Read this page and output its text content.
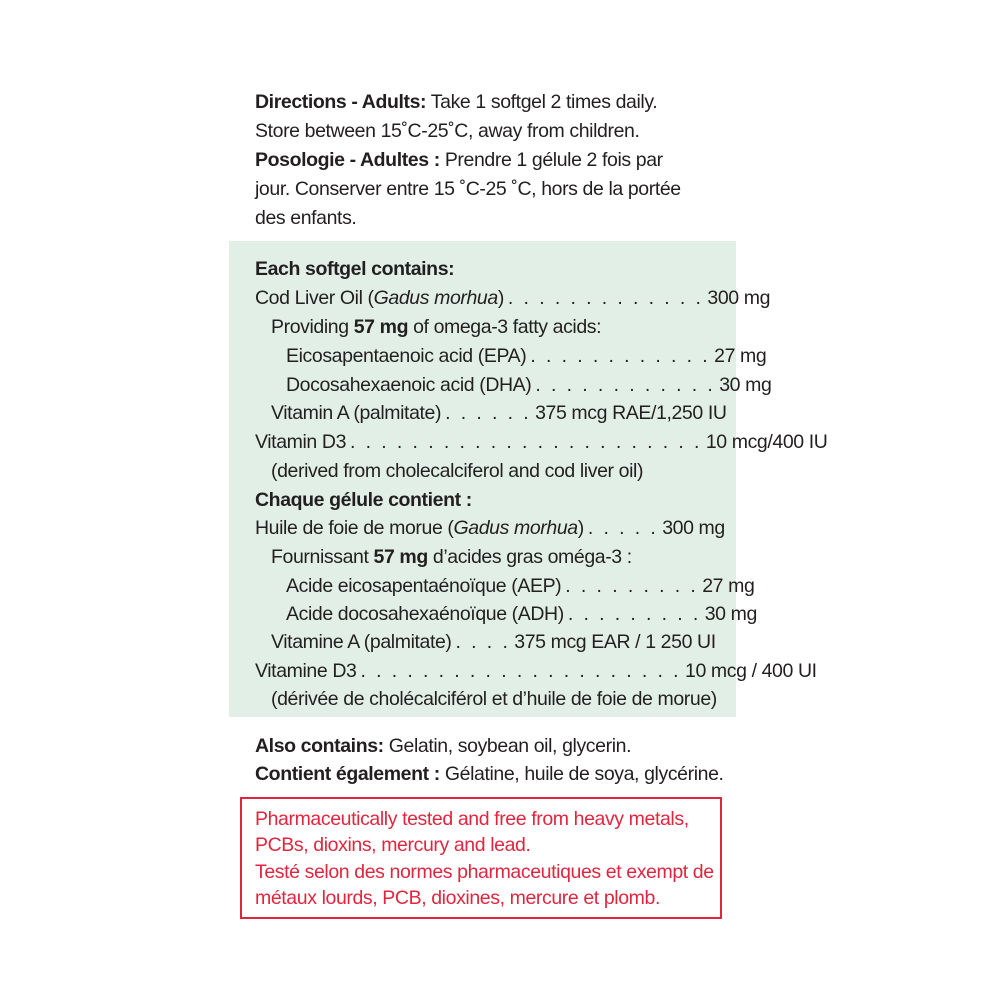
Directions - Adults: Take 1 softgel 2 times daily.
Store between 15˚C-25˚C, away from children.
Posologie - Adultes : Prendre 1 gélule 2 fois par
jour. Conserver entre 15 ˚C-25 ˚C, hors de la portée
des enfants.
Each softgel contains:
Cod Liver Oil (Gadus morhua) . . . . . . . . . . . . . 300 mg
Providing 57 mg of omega-3 fatty acids:
Eicosapentaenoic acid (EPA) . . . . . . . . . . . . 27 mg
Docosahexaenoic acid (DHA) . . . . . . . . . . . . 30 mg
Vitamin A (palmitate) . . . . . . 375 mcg RAE/1,250 IU
Vitamin D3 . . . . . . . . . . . . . . . . . . . . . . . 10 mcg/400 IU
(derived from cholecalciferol and cod liver oil)
Chaque gélule contient :
Huile de foie de morue (Gadus morhua) . . . . . 300 mg
Fournissant 57 mg d’acides gras oméga-3 :
Acide eicosapentaénoïque (AEP) . . . . . . . . . 27 mg
Acide docosahexaénoïque (ADH) . . . . . . . . . 30 mg
Vitamine A (palmitate) . . . . 375 mcg EAR / 1 250 UI
Vitamine D3 . . . . . . . . . . . . . . . . . . . . . 10 mcg / 400 UI
(dérivée de cholécalciférol et d’huile de foie de morue)
Also contains: Gelatin, soybean oil, glycerin.
Contient également : Gélatine, huile de soya, glycérine.
Pharmaceutically tested and free from heavy metals,
PCBs, dioxins, mercury and lead.
Testé selon des normes pharmaceutiques et exempt de
métaux lourds, PCB, dioxines, mercure et plomb.
